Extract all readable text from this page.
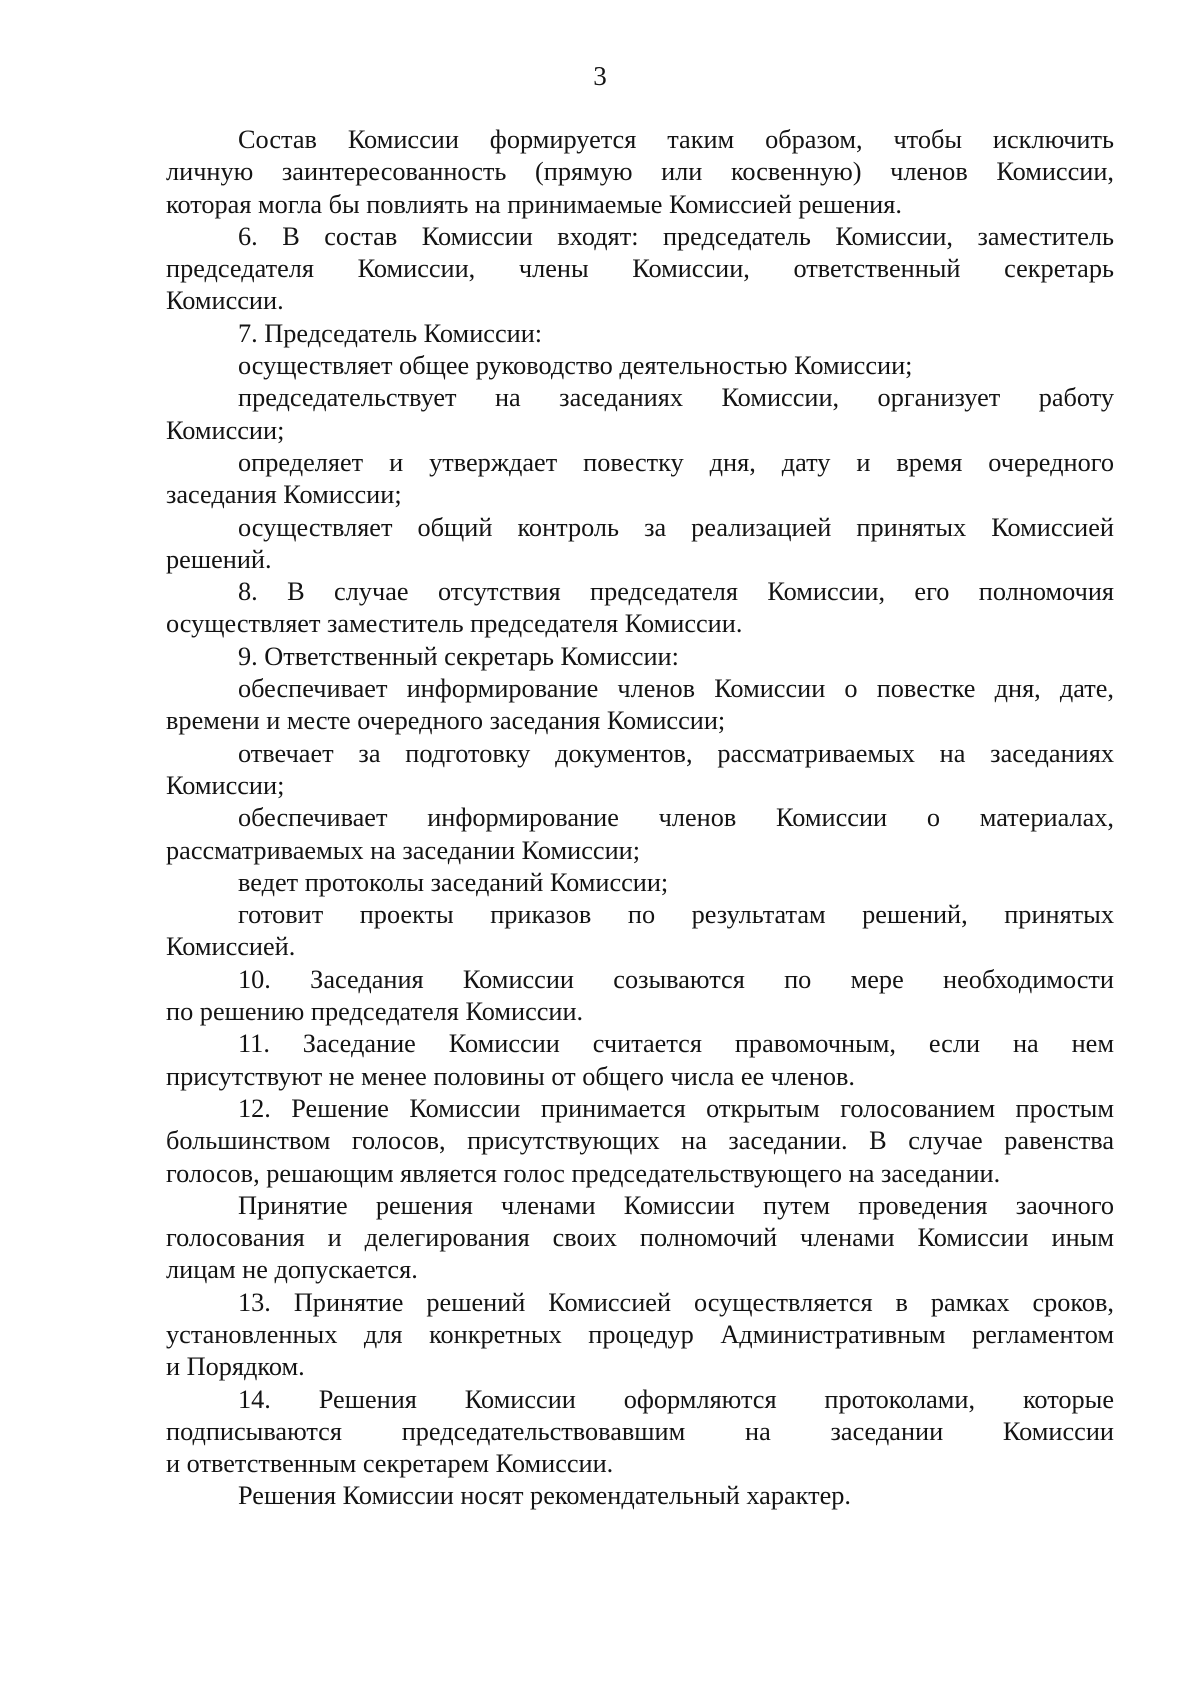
3
Состав Комиссии формируется таким образом, чтобы исключить
личную заинтересованность (прямую или косвенную) членов Комиссии,
которая могла бы повлиять на принимаемые Комиссией решения.
6. В состав Комиссии входят: председатель Комиссии, заместитель
председателя Комиссии, члены Комиссии, ответственный секретарь
Комиссии.
7. Председатель Комиссии:
осуществляет общее руководство деятельностью Комиссии;
председательствует на заседаниях Комиссии, организует работу
Комиссии;
определяет и утверждает повестку дня, дату и время очередного
заседания Комиссии;
осуществляет общий контроль за реализацией принятых Комиссией
решений.
8. В случае отсутствия председателя Комиссии, его полномочия
осуществляет заместитель председателя Комиссии.
9. Ответственный секретарь Комиссии:
обеспечивает информирование членов Комиссии о повестке дня, дате,
времени и месте очередного заседания Комиссии;
отвечает за подготовку документов, рассматриваемых на заседаниях
Комиссии;
обеспечивает информирование членов Комиссии о материалах,
рассматриваемых на заседании Комиссии;
ведет протоколы заседаний Комиссии;
готовит проекты приказов по результатам решений, принятых
Комиссией.
10. Заседания Комиссии созываются по мере необходимости
по решению председателя Комиссии.
11. Заседание Комиссии считается правомочным, если на нем
присутствуют не менее половины от общего числа ее членов.
12. Решение Комиссии принимается открытым голосованием простым
большинством голосов, присутствующих на заседании. В случае равенства
голосов, решающим является голос председательствующего на заседании.
Принятие решения членами Комиссии путем проведения заочного
голосования и делегирования своих полномочий членами Комиссии иным
лицам не допускается.
13. Принятие решений Комиссией осуществляется в рамках сроков,
установленных для конкретных процедур Административным регламентом
и Порядком.
14. Решения Комиссии оформляются протоколами, которые
подписываются председательствовавшим на заседании Комиссии
и ответственным секретарем Комиссии.
Решения Комиссии носят рекомендательный характер.
